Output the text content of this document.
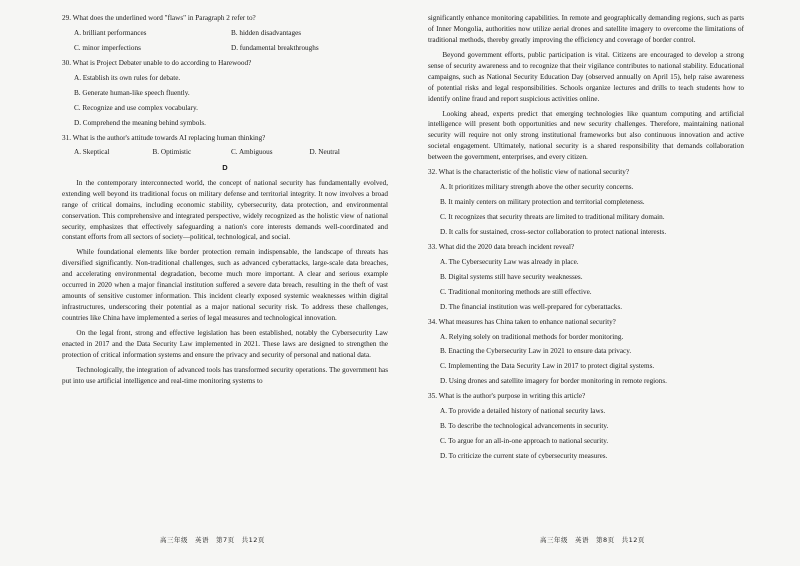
29. What does the underlined word "flaws" in Paragraph 2 refer to?

A. brilliant performances	B. hidden disadvantages
C. minor imperfections	D. fundamental breakthroughs

30. What is Project Debater unable to do according to Harewood?

A. Establish its own rules for debate.

B. Generate human-like speech fluently.

C. Recognize and use complex vocabulary.

D. Comprehend the meaning behind symbols.

31. What is the author's attitude towards AI replacing human thinking?

A. Skeptical	B. Optimistic	C. Ambiguous	D. Neutral

D

In the contemporary interconnected world, the concept of national security has fundamentally evolved, extending well beyond its traditional focus on military defense and territorial integrity. It now involves a broad range of critical domains, including economic stability, cybersecurity, data protection, and environmental conservation. This comprehensive and integrated perspective, widely recognized as the holistic view of national security, emphasizes that effectively safeguarding a nation's core interests demands well-coordinated and constant efforts from all sectors of society—political, technological, and social.

While foundational elements like border protection remain indispensable, the landscape of threats has diversified significantly. Non-traditional challenges, such as advanced cyberattacks, large-scale data breaches, and accelerating environmental degradation, become much more important. A clear and serious example occurred in 2020 when a major financial institution suffered a severe data breach, resulting in the theft of vast amounts of sensitive customer information. This incident clearly exposed systemic weaknesses within digital infrastructures, underscoring their potential as a major national security risk. To address these challenges, countries like China have implemented a series of legal measures and technological innovation.

On the legal front, strong and effective legislation has been established, notably the Cybersecurity Law enacted in 2017 and the Data Security Law implemented in 2021. These laws are designed to strengthen the protection of critical information systems and ensure the privacy and security of personal and national data.

Technologically, the integration of advanced tools has transformed security operations. The government has put into use artificial intelligence and real-time monitoring systems to

高三年级　英语　第7页　共12页

significantly enhance monitoring capabilities. In remote and geographically demanding regions, such as parts of Inner Mongolia, authorities now utilize aerial drones and satellite imagery to overcome the limitations of traditional methods, thereby greatly improving the efficiency and coverage of border control.

Beyond government efforts, public participation is vital. Citizens are encouraged to develop a strong sense of security awareness and to recognize that their vigilance contributes to national stability. Educational campaigns, such as National Security Education Day (observed annually on April 15), help raise awareness of potential risks and legal responsibilities. Schools organize lectures and drills to teach students how to identify online fraud and report suspicious activities online.

Looking ahead, experts predict that emerging technologies like quantum computing and artificial intelligence will present both opportunities and new security challenges. Therefore, maintaining national security will require not only strong institutional frameworks but also continuous innovation and active societal engagement. Ultimately, national security is a shared responsibility that demands collaboration between the government, enterprises, and every citizen.

32. What is the characteristic of the holistic view of national security?

A. It prioritizes military strength above the other security concerns.

B. It mainly centers on military protection and territorial completeness.

C. It recognizes that security threats are limited to traditional military domain.

D. It calls for sustained, cross-sector collaboration to protect national interests.

33. What did the 2020 data breach incident reveal?

A. The Cybersecurity Law was already in place.

B. Digital systems still have security weaknesses.

C. Traditional monitoring methods are still effective.

D. The financial institution was well-prepared for cyberattacks.

34. What measures has China taken to enhance national security?

A. Relying solely on traditional methods for border monitoring.

B. Enacting the Cybersecurity Law in 2021 to ensure data privacy.

C. Implementing the Data Security Law in 2017 to protect digital systems.

D. Using drones and satellite imagery for border monitoring in remote regions.

35. What is the author's purpose in writing this article?

A. To provide a detailed history of national security laws.

B. To describe the technological advancements in security.

C. To argue for an all-in-one approach to national security.

D. To criticize the current state of cybersecurity measures.

高三年级　英语　第8页　共12页
